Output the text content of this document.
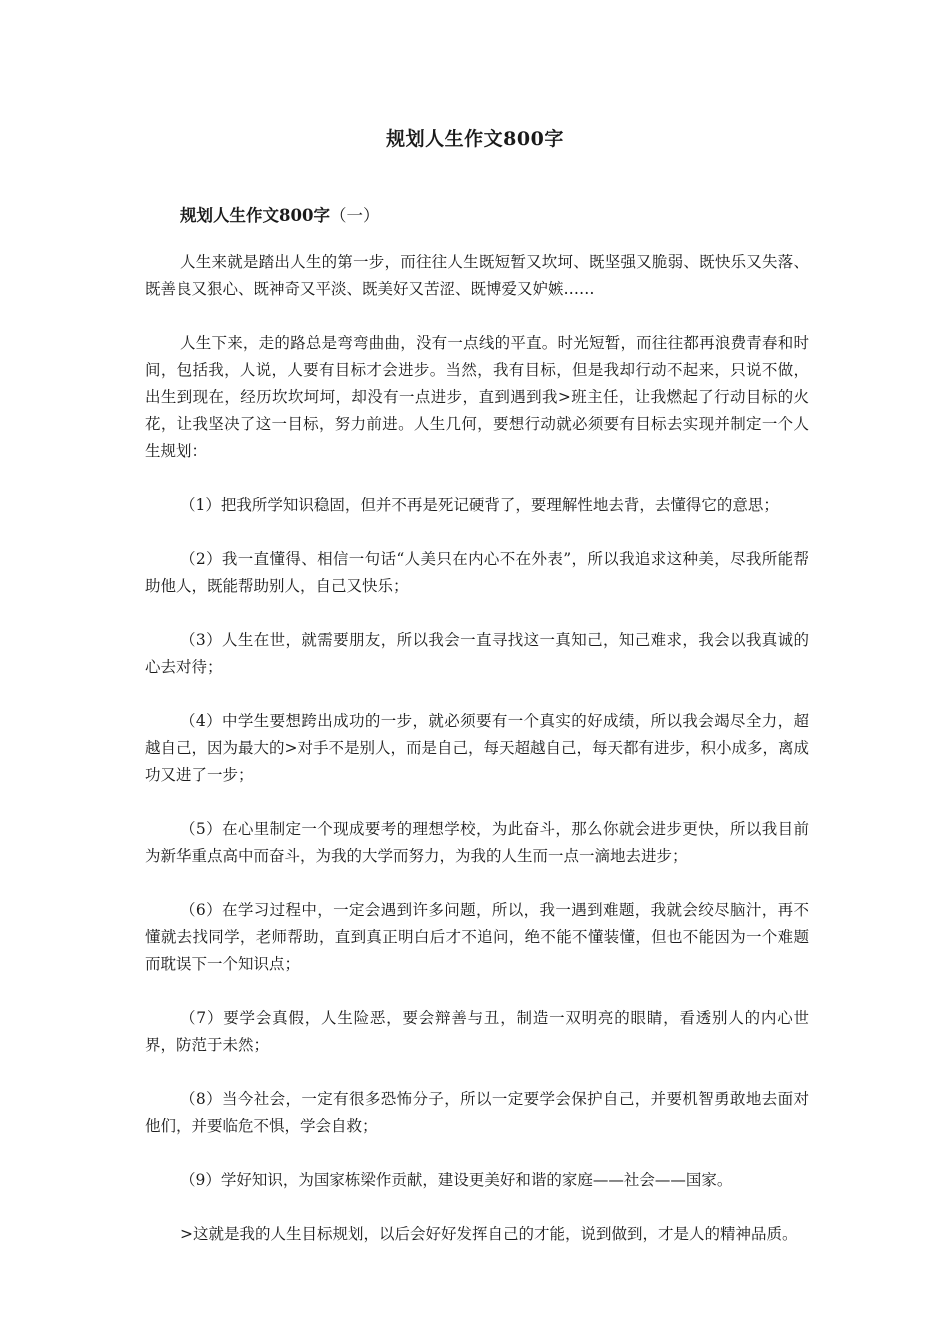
规划人生作文800字
规划人生作文800字（一）

人生来就是踏出人生的第一步，而往往人生既短暂又坎坷、既坚强又脆弱、既快乐又失落、既善良又狠心、既神奇又平淡、既美好又苦涩、既博爱又妒嫉……

人生下来，走的路总是弯弯曲曲，没有一点线的平直。时光短暂，而往往都再浪费青春和时间，包括我，人说，人要有目标才会进步。当然，我有目标，但是我却行动不起来，只说不做，出生到现在，经历坎坎坷坷，却没有一点进步，直到遇到我>班主任，让我燃起了行动目标的火花，让我坚决了这一目标，努力前进。人生几何，要想行动就必须要有目标去实现并制定一个人生规划：

（1）把我所学知识稳固，但并不再是死记硬背了，要理解性地去背，去懂得它的意思；

（2）我一直懂得、相信一句话“人美只在内心不在外表”，所以我追求这种美，尽我所能帮助他人，既能帮助别人，自己又快乐；

（3）人生在世，就需要朋友，所以我会一直寻找这一真知己，知己难求，我会以我真诚的心去对待；

（4）中学生要想跨出成功的一步，就必须要有一个真实的好成绩，所以我会竭尽全力，超越自己，因为最大的>对手不是别人，而是自己，每天超越自己，每天都有进步，积小成多，离成功又进了一步；

（5）在心里制定一个现成要考的理想学校，为此奋斗，那么你就会进步更快，所以我目前为新华重点高中而奋斗，为我的大学而努力，为我的人生而一点一滴地去进步；

（6）在学习过程中，一定会遇到许多问题，所以，我一遇到难题，我就会绞尽脑汁，再不懂就去找同学，老师帮助，直到真正明白后才不追问，绝不能不懂装懂，但也不能因为一个难题而耽误下一个知识点；

（7）要学会真假，人生险恶，要会辩善与丑，制造一双明亮的眼睛，看透别人的内心世界，防范于未然；

（8）当今社会，一定有很多恐怖分子，所以一定要学会保护自己，并要机智勇敢地去面对他们，并要临危不惧，学会自救；

（9）学好知识，为国家栋梁作贡献，建设更美好和谐的家庭——社会——国家。

>这就是我的人生目标规划，以后会好好发挥自己的才能，说到做到，才是人的精神品质。
